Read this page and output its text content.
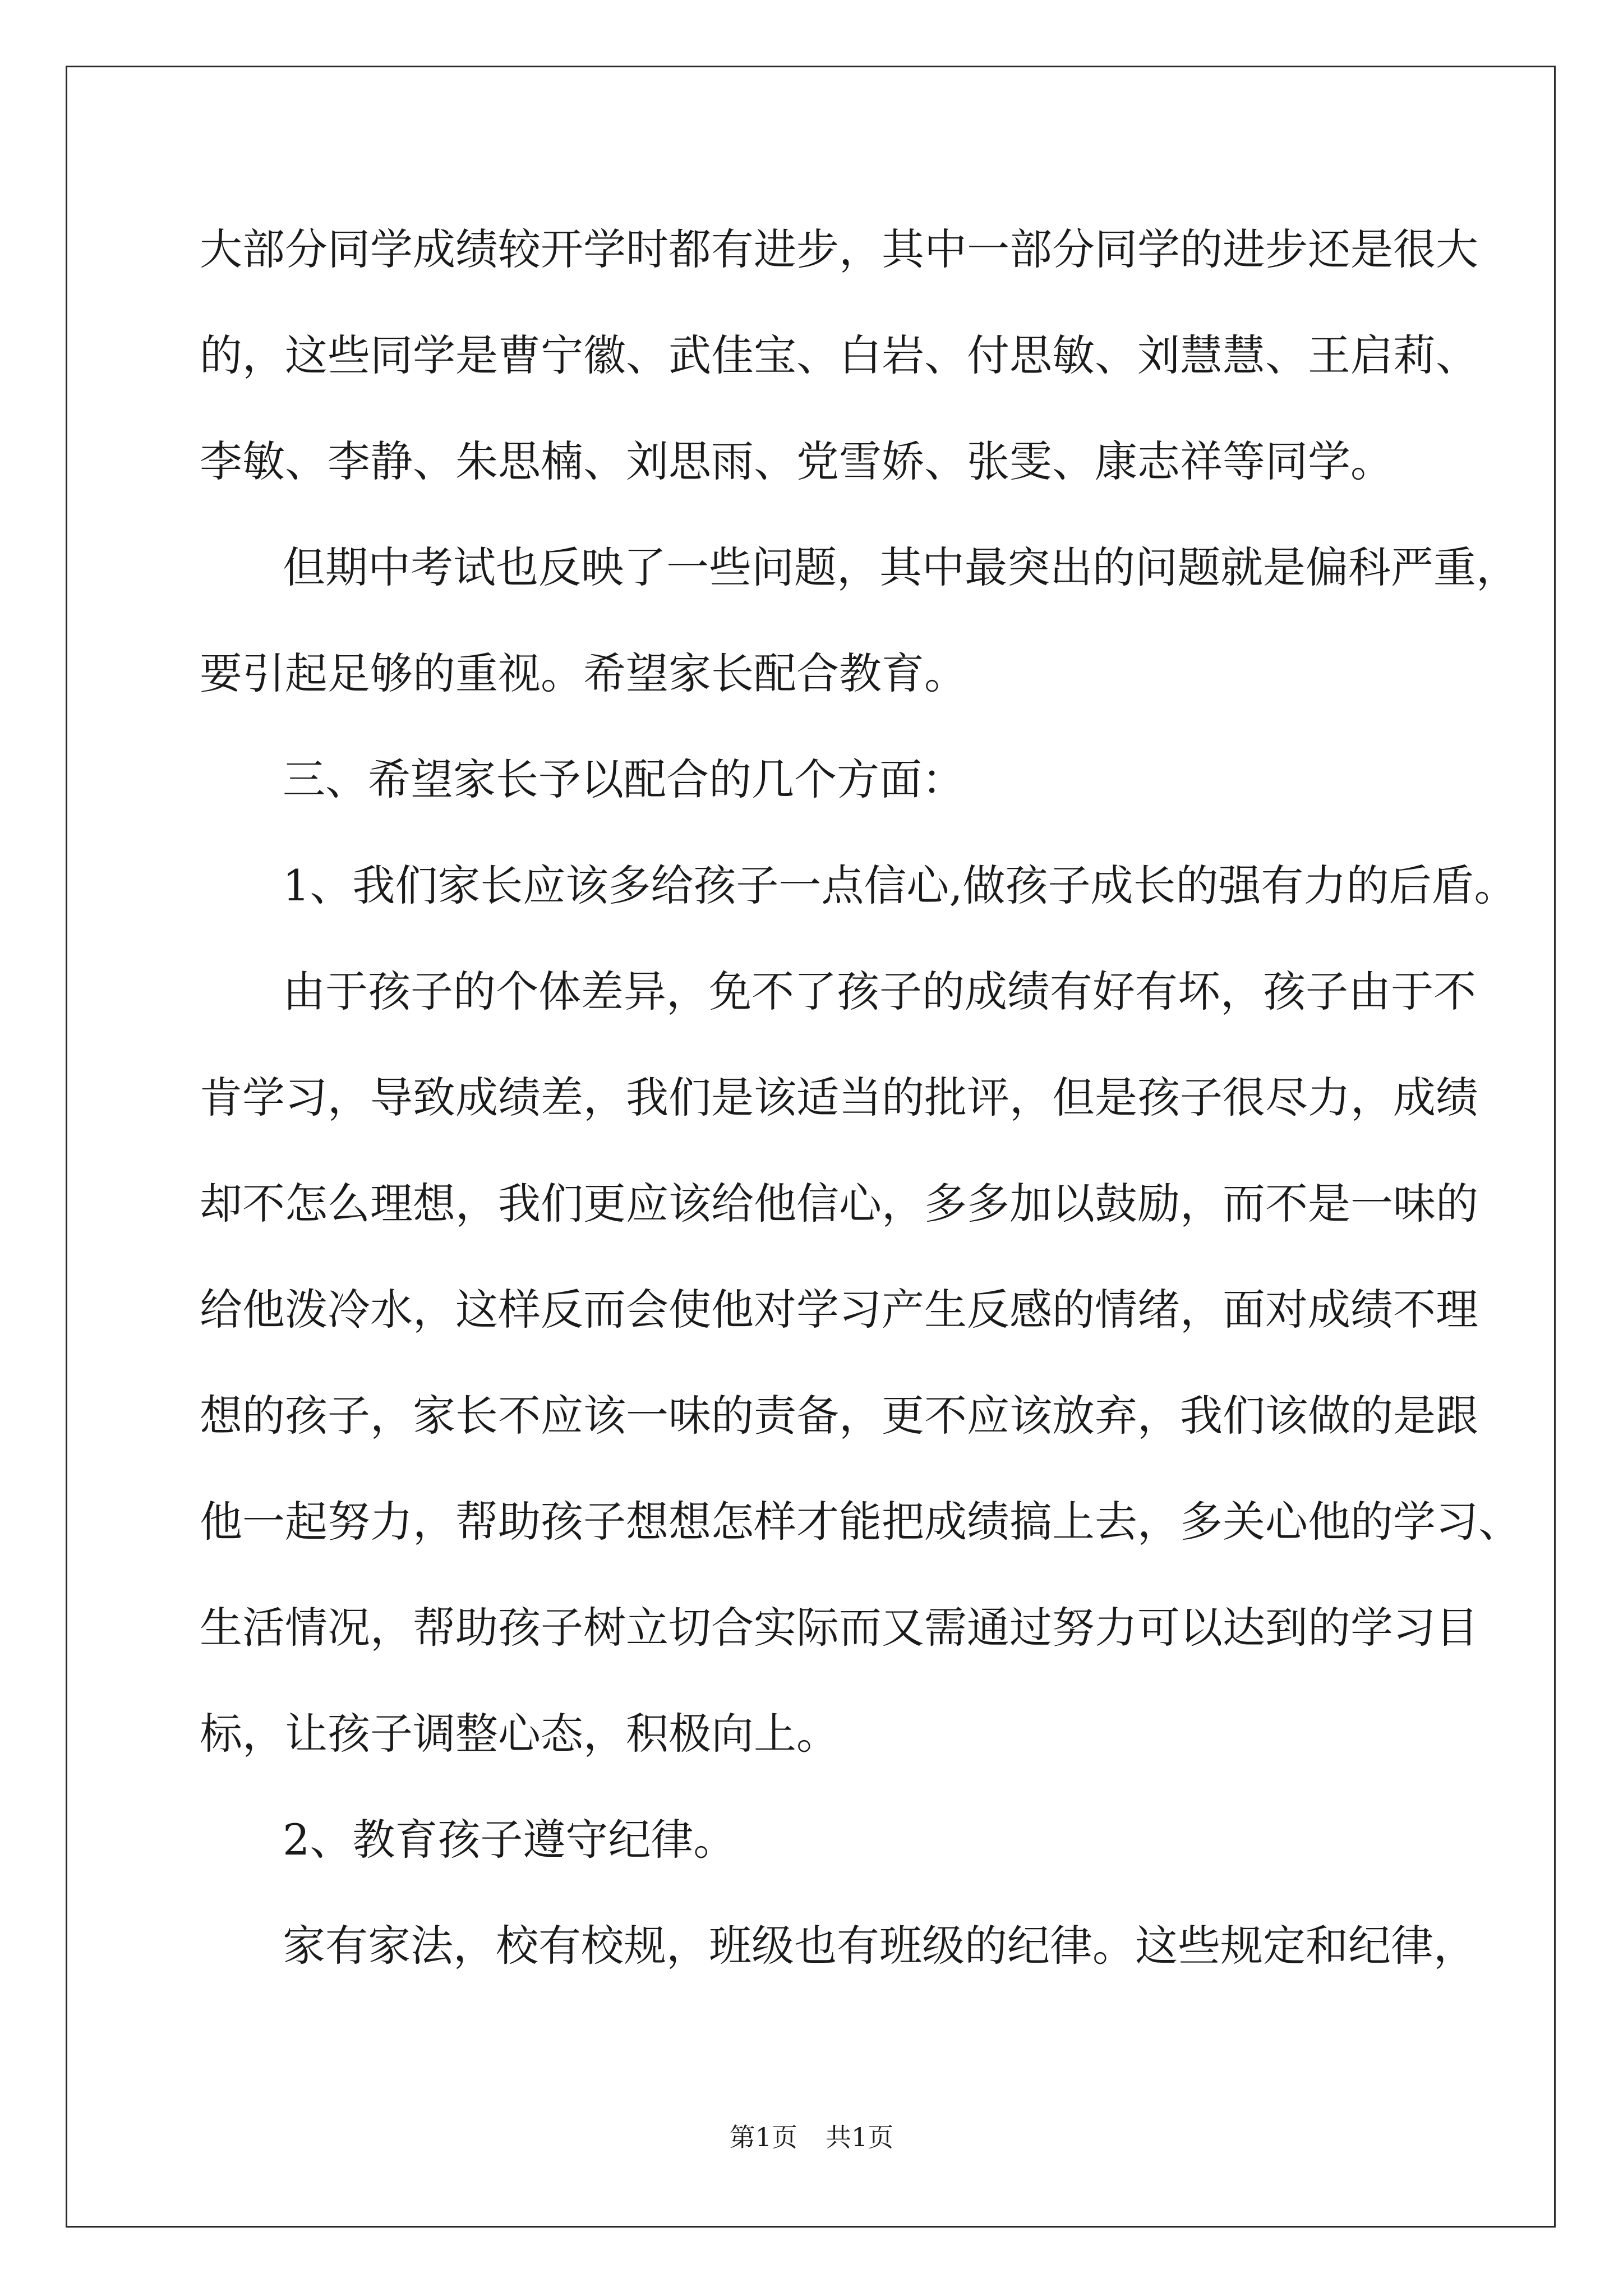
大部分同学成绩较开学时都有进步，其中一部分同学的进步还是很大
的，这些同学是曹宁徽、武佳宝、白岩、付思敏、刘慧慧、王启莉、
李敏、李静、朱思楠、刘思雨、党雪娇、张雯、康志祥等同学。
但期中考试也反映了一些问题，其中最突出的问题就是偏科严重，
要引起足够的重视。希望家长配合教育。
三、希望家长予以配合的几个方面：
1、我们家长应该多给孩子一点信心,做孩子成长的强有力的后盾。
由于孩子的个体差异，免不了孩子的成绩有好有坏，孩子由于不
肯学习，导致成绩差，我们是该适当的批评，但是孩子很尽力，成绩
却不怎么理想，我们更应该给他信心，多多加以鼓励，而不是一味的
给他泼冷水，这样反而会使他对学习产生反感的情绪，面对成绩不理
想的孩子，家长不应该一味的责备，更不应该放弃，我们该做的是跟
他一起努力，帮助孩子想想怎样才能把成绩搞上去，多关心他的学习、
生活情况，帮助孩子树立切合实际而又需通过努力可以达到的学习目
标，让孩子调整心态，积极向上。
2、教育孩子遵守纪律。
家有家法，校有校规，班级也有班级的纪律。这些规定和纪律，
第1页 共1页
